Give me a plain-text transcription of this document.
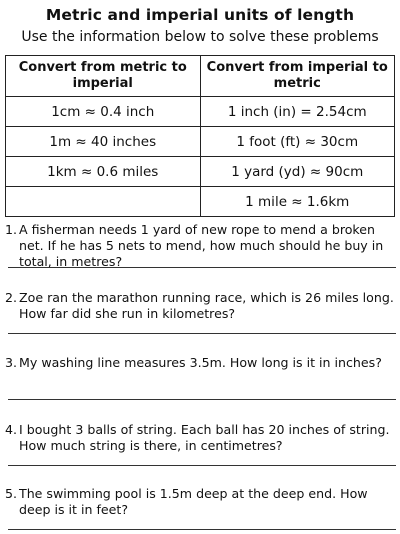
Metric and imperial units of length
Use the information below to solve these problems
Convert from metric to imperial	Convert from imperial to metric
1cm ≈ 0.4 inch	1 inch (in) = 2.54cm
1m ≈ 40 inches	1 foot (ft) ≈ 30cm
1km ≈ 0.6 miles	1 yard (yd) ≈ 90cm
	1 mile ≈ 1.6km
1. A fisherman needs 1 yard of new rope to mend a broken net. If he has 5 nets to mend, how much should he buy in total, in metres?
2. Zoe ran the marathon running race, which is 26 miles long. How far did she run in kilometres?
3. My washing line measures 3.5m. How long is it in inches?
4. I bought 3 balls of string. Each ball has 20 inches of string. How much string is there, in centimetres?
5. The swimming pool is 1.5m deep at the deep end. How deep is it in feet?
